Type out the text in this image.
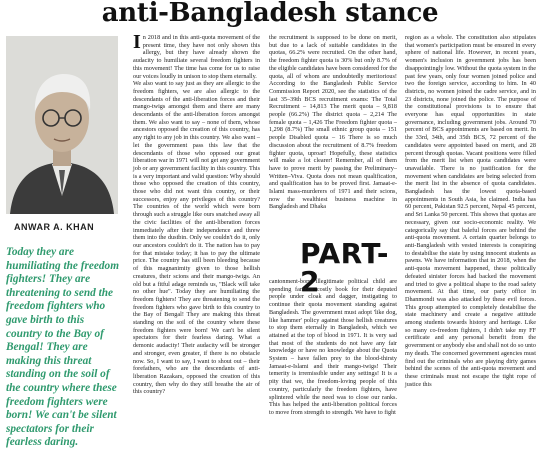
anti-Bangladesh stance
ANWAR A. KHAN
Today they are humiliating the freedom fighters! They are threatening to send the freedom fighters who gave birth to this country to the Bay of Bengal! They are making this threat standing on the soil of the country where these freedom fighters were born! We can't be silent spectators for their fearless daring.

In 2018 and in this anti-quota movement of the present time, they have not only shown this allergy, but they have already shown the audacity to humiliate several freedom fighters in this movement! The time has come for us to raise our voices loudly in unison to stop them eternally.

We also want to say just as they are allergic to the freedom fighters, we are also allergic to the descendants of the anti-liberation forces and their mango-twigs amongst them and there are many descendants of the anti-liberation forces amongst them. We also want to say – none of them, whose ancestors opposed the creation of this country, has any right to any job in this country. We also want – let the government pass this law that the descendants of those who opposed our great liberation war in 1971 will not get any government job or any government facility in this country. This is a very important and valid question: Why should those who opposed the creation of this country, those who did not want this country, or their successors, enjoy any privileges of this country? The countries of the world which were born through such a struggle like ours snatched away all the civic facilities of the anti-liberation forces immediately after their independence and threw them into the dustbin. Only we couldn't do it, only our ancestors couldn't do it. The nation has to pay for that mistake today; it has to pay the ultimate price. The country has still been bleeding because of this magnanimity given to those hellish creatures, their scions and their mango-twigs. An old but a fitful adage reminds us, "Black will take no other hue". Today they are humiliating the freedom fighters! They are threatening to send the freedom fighters who gave birth to this country to the Bay of Bengal! They are making this threat standing on the soil of the country where these freedom fighters were born! We can't be silent spectators for their fearless daring. What a demonic audacity! Their audacity will be stronger and stronger, even greater, if there is no obstacle now. So, I want to say, I want to shout out – their forefathers, who are the descendants of anti-liberation Razakars, opposed the creation of this country, then why do they still breathe the air of this country?

the recruitment is supposed to be done on merit, but due to a lack of suitable candidates in the quotas, 66.2% were recruited. On the other hand, the freedom fighter quota is 30% but only 8.7% of the eligible candidates have been considered for the quota, all of whom are undoubtedly meritorious! According to the Bangladesh Public Service Commission Report 2020, see the statistics of the last 35–39th BCS recruitment exams: The Total Recruitment – 14,813 The merit quota – 9,818 people (66.2%) The district quota – 2,214 The female quota – 1,426 The Freedom fighter quota – 1,298 (8.7%) The small ethnic group quota – 151 people Disabled quota – 16 There is so much discussion about the recruitment of 8.7% freedom fighter quota, uproar! Hopefully, these statistics will make a lot clearer! Remember, all of them have to prove merit by passing the Preliminary–Written–Viva. Quota does not mean qualification, and qualification has to be proved first. Jamaat-e-Islami mass-murderers of 1971 and their scions, now the wealthiest business machine in Bangladesh and Dhaka

PART-2

cantonment-born illegitimate political child are spending famous costly book for their deputed people under cloak and dagger, instigating to continue their quota movement standing against Bangladesh. The government must adopt 'like dog, like hammer' policy against those hellish creatures to stop them eternally in Bangladesh, which we attained at the top of blood in 1971. It is very sad that most of the students do not have any fair knowledge or have no knowledge about the Quota System – have fallen prey to the blood-thirsty Jamaat-e-Islami and their mango-twigs! Their temerity is irremissible under any settings! It is a pity that we, the freedom-loving people of this country, particularly the freedom fighters, have splintered while the need was to close our ranks. This has helped the anti-liberation political forces to move from strength to strength. We have to fight

region as a whole. The constitution also stipulates that women's participation must be ensured in every sphere of national life. However, in recent years, women's inclusion in government jobs has been disappointingly low. Without the quota system in the past few years, only four women joined police and two the foreign service, according to him. In 40 districts, no women joined the cadre service, and in 23 districts, none joined the police. The purpose of the constitutional provisions is to ensure that everyone has equal opportunities in state governance, including government jobs. Around 70 percent of BCS appointments are based on merit. In the 33rd, 34th, and 35th BCS, 72 percent of the candidates were appointed based on merit, and 28 percent through quotas. Vacant positions were filled from the merit list when quota candidates were unavailable. There is no justification for the movement when candidates are being selected from the merit list in the absence of quota candidates. Bangladesh has the lowest quota-based appointments in South Asia, he claimed. India has 60 percent, Pakistan 92.5 percent, Nepal 45 percent, and Sri Lanka 50 percent. This shows that quotas are necessary, given our socio-economic reality. We categorically say that baleful forces are behind the anti-quota movement. A certain quarter belongs to anti-Bangladesh with vested interests is conspiring to destabilise the state by using innocent students as pawns. We have information that in 2018, when the anti-quota movement happened, these politically defeated sinister forces had backed the movement and tried to give a political shape to the road safety movement. At that time, our party office in Dhanmondi was also attacked by these evil forces. This group attempted to completely destabilise the state machinery and create a negative attitude among students towards history and heritage. Like so many co-freedom fighters, I didn't take my FF certificate and any personal benefit from the government or anybody else and shall not do so unto my death. The concerned government agencies must find out the criminals who are playing dirty games behind the scenes of the anti-quota movement and these criminals must not escape the tight rope of justice this
